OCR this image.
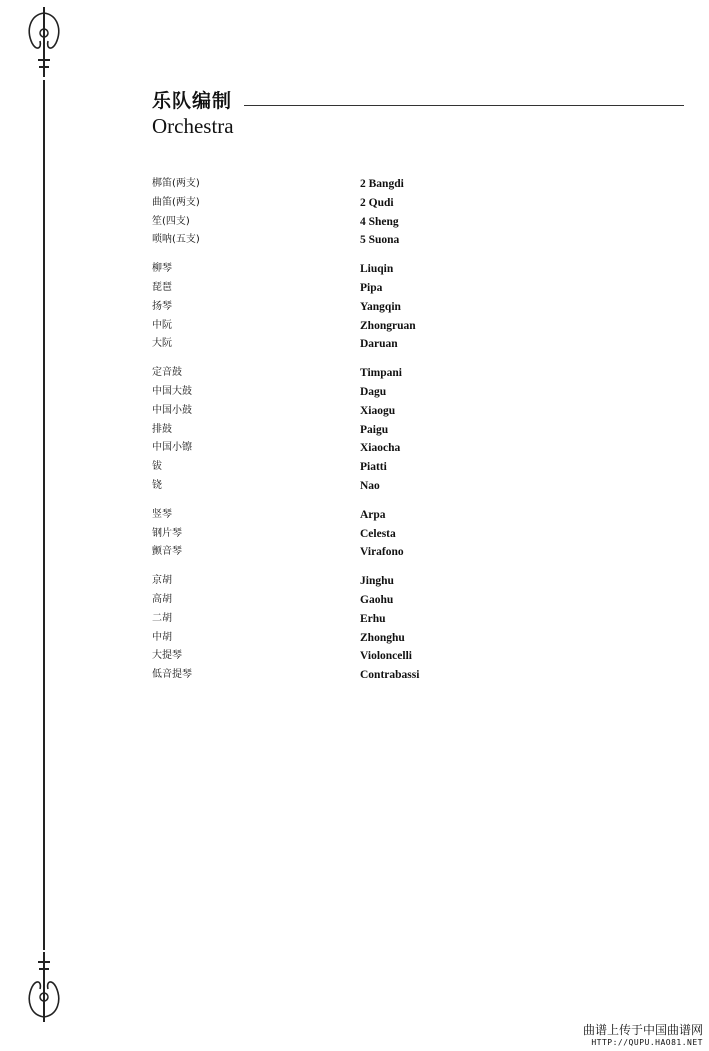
乐队编制
Orchestra
梆笛(两支)	2 Bangdi
曲笛(两支)	2 Qudi
笙(四支)	4 Sheng
唢呐(五支)	5 Suona
柳琴	Liuqin
琵琶	Pipa
扬琴	Yangqin
中阮	Zhongruan
大阮	Daruan
定音鼓	Timpani
中国大鼓	Dagu
中国小鼓	Xiaogu
排鼓	Paigu
中国小镲	Xiaocha
钹	Piatti
铙	Nao
竖琴	Arpa
钢片琴	Celesta
颤音琴	Virafono
京胡	Jinghu
高胡	Gaohu
二胡	Erhu
中胡	Zhonghu
大提琴	Violoncelli
低音提琴	Contrabassi
曲谱上传于中国曲谱网
HTTP://QUPU.HAO81.NET
